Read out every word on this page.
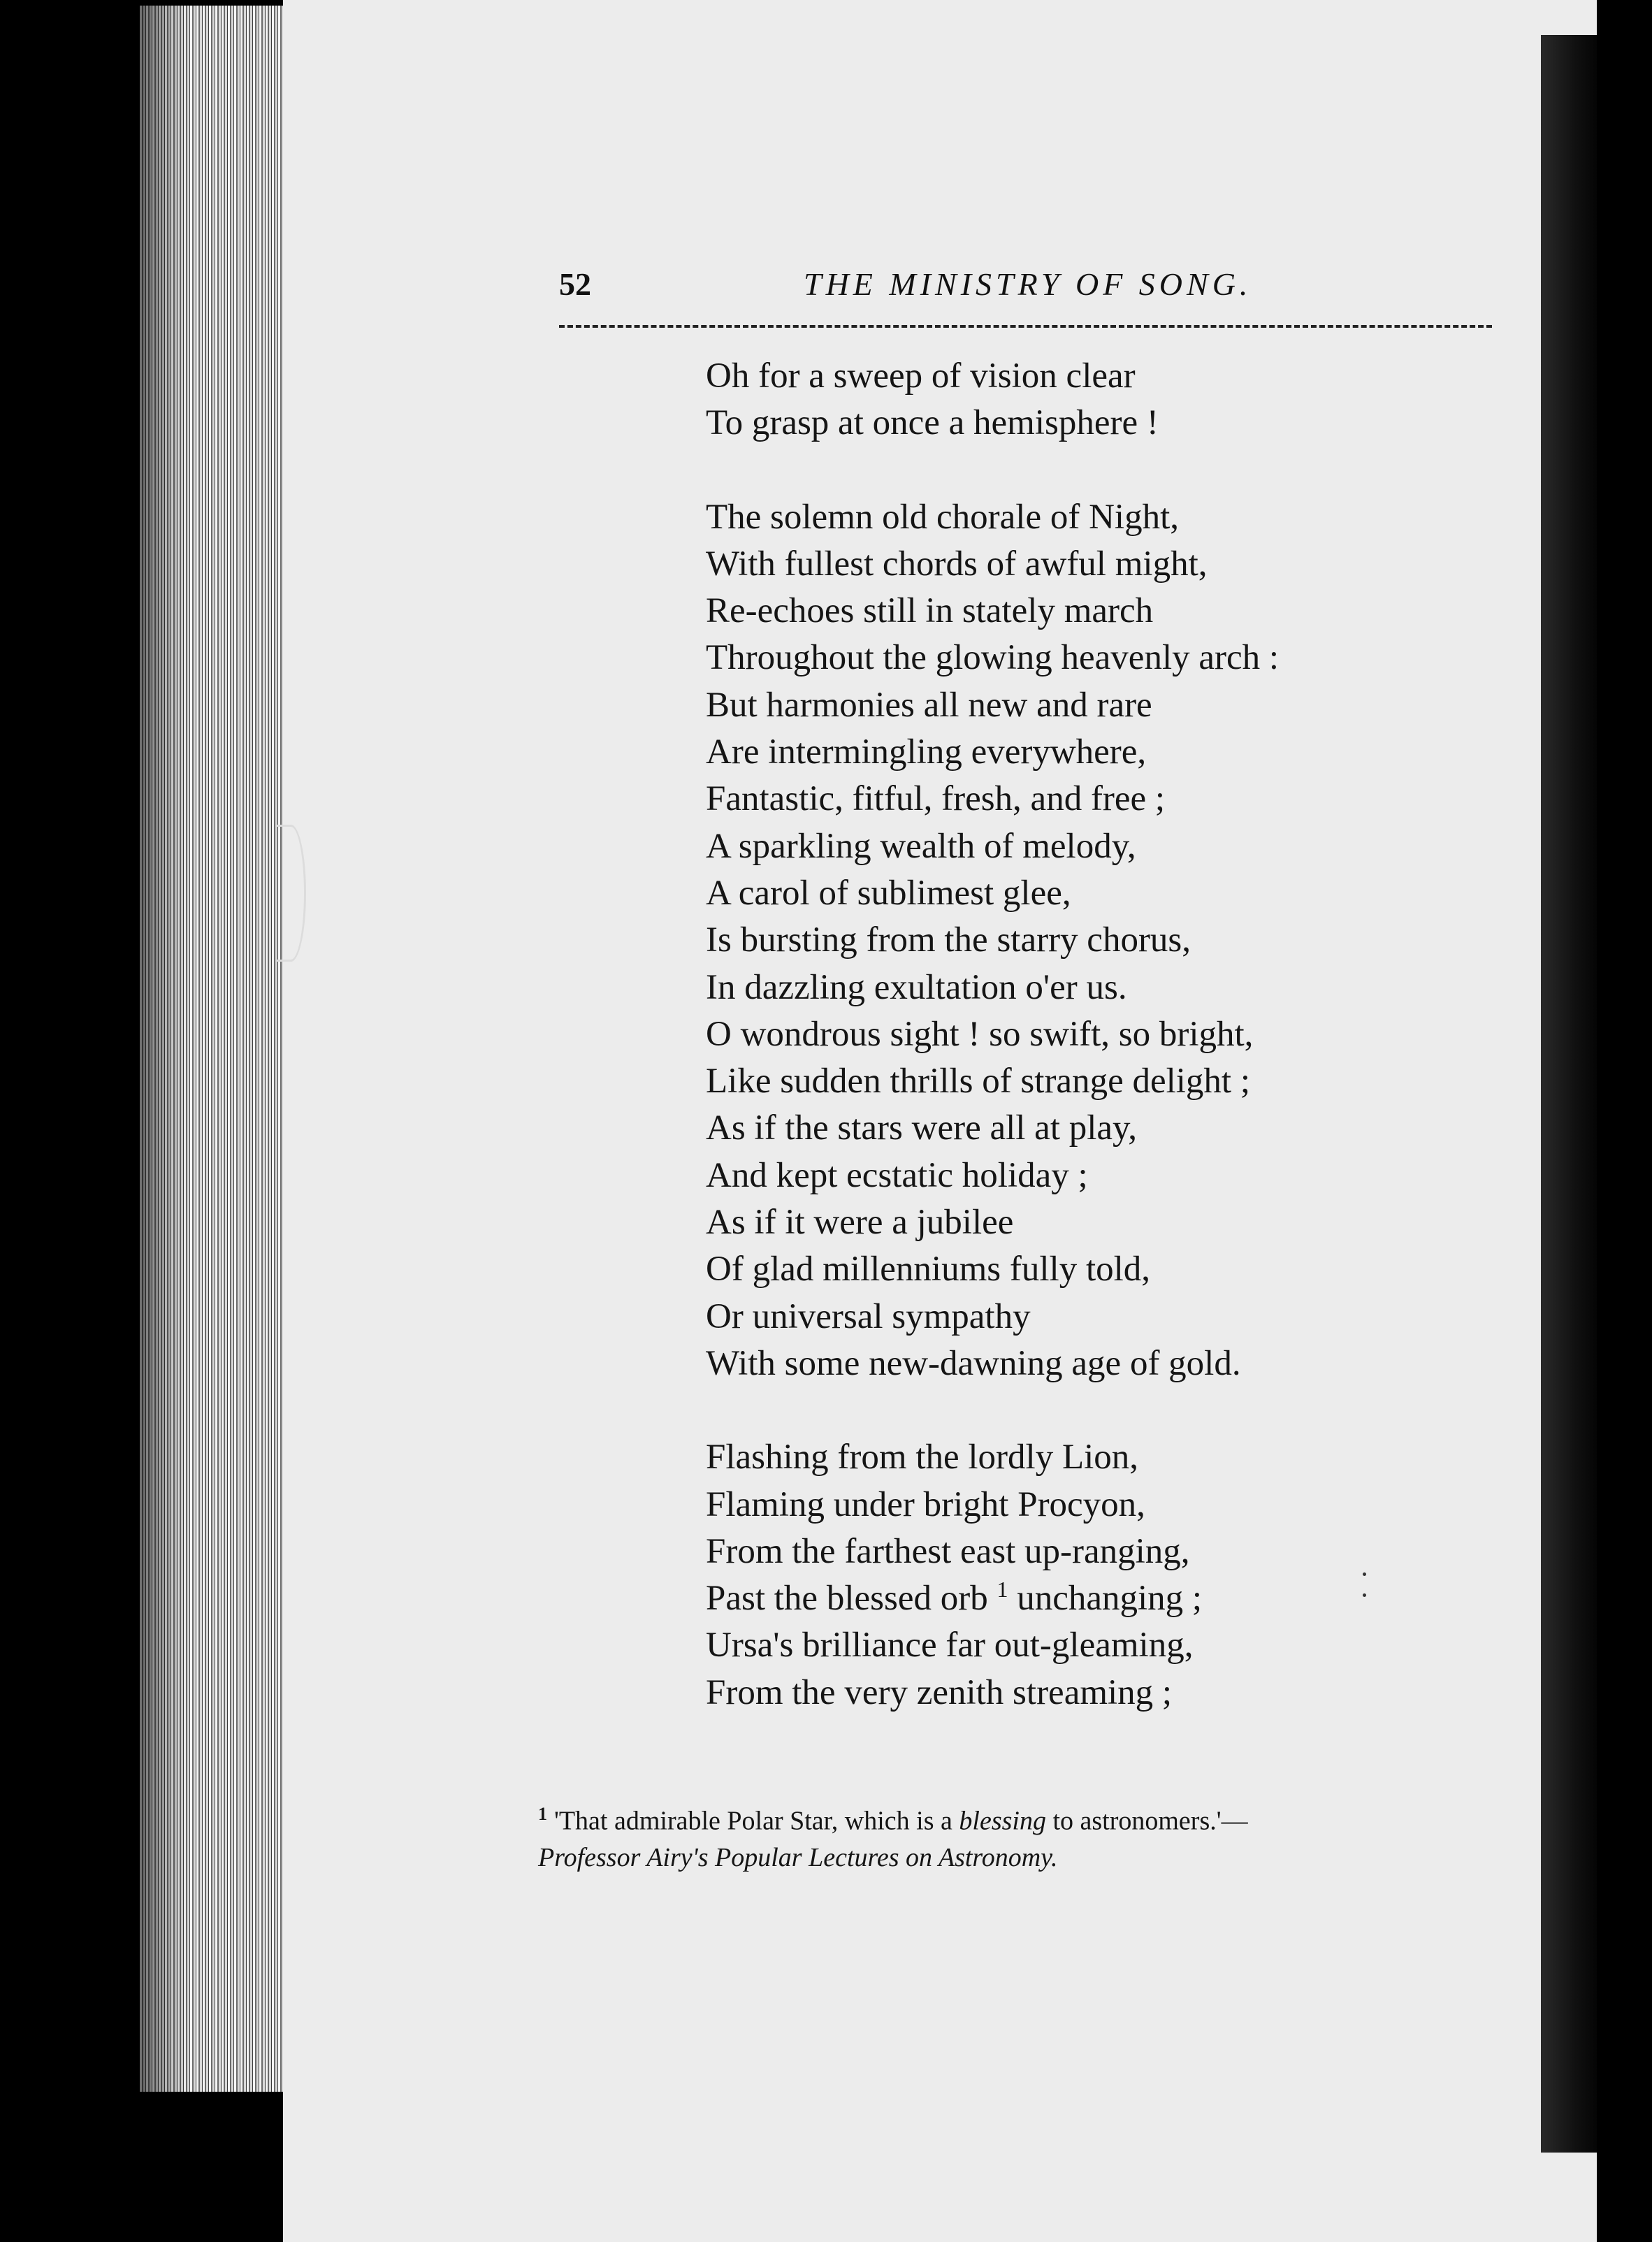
52	THE MINISTRY OF SONG.
Oh for a sweep of vision clear
To grasp at once a hemisphere !
The solemn old chorale of Night,
With fullest chords of awful might,
Re-echoes still in stately march
Throughout the glowing heavenly arch :
But harmonies all new and rare
Are intermingling everywhere,
Fantastic, fitful, fresh, and free ;
A sparkling wealth of melody,
A carol of sublimest glee,
Is bursting from the starry chorus,
In dazzling exultation o'er us.
O wondrous sight ! so swift, so bright,
Like sudden thrills of strange delight ;
As if the stars were all at play,
And kept ecstatic holiday ;
As if it were a jubilee
Of glad millenniums fully told,
Or universal sympathy
With some new-dawning age of gold.
Flashing from the lordly Lion,
Flaming under bright Procyon,
From the farthest east up-ranging,
Past the blessed orb $^1$ unchanging ;
Ursa's brilliance far out-gleaming,
From the very zenith streaming ;
$^1$ 'That admirable Polar Star, which is a blessing to astronomers.'—
Professor Airy's Popular Lectures on Astronomy.
